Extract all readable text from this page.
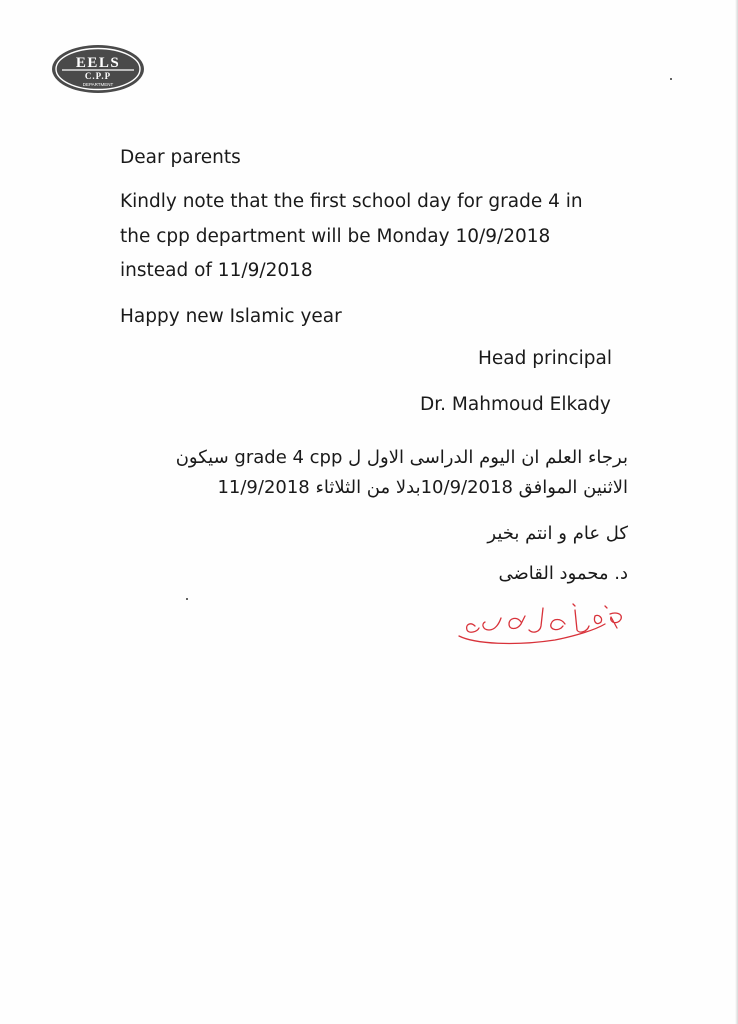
EELS
C.P.P
DEPARTMENT
Dear parents
Kindly note that the first school day for grade 4 in
the cpp department will be Monday 10/9/2018
instead of 11/9/2018
Happy new Islamic year
Head principal
Dr. Mahmoud Elkady
برجاء العلم ان اليوم الدراسى الاول ل grade 4 cpp سيكون
الاثنين الموافق 10/9/2018بدلا من الثلاثاء 11/9/2018
كل عام و انتم بخير
د. محمود القاضى
